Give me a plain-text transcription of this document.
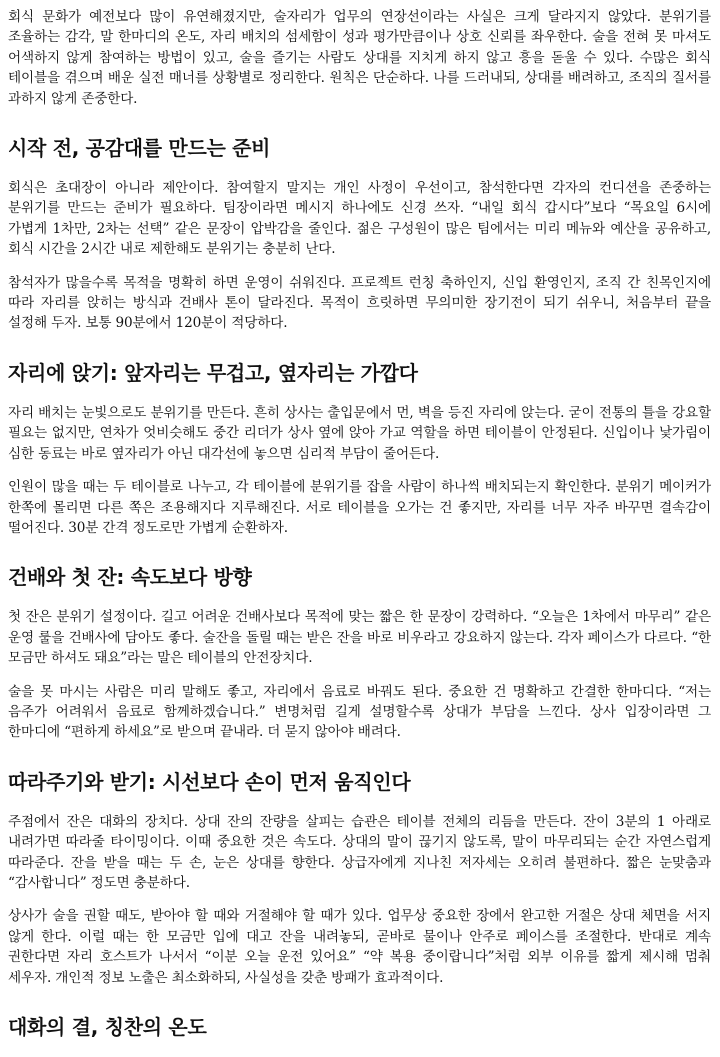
회식 문화가 예전보다 많이 유연해졌지만, 술자리가 업무의 연장선이라는 사실은 크게 달라지지 않았다. 분위기를 조율하는 감각, 말 한마디의 온도, 자리 배치의 섬세함이 성과 평가만큼이나 상호 신뢰를 좌우한다. 술을 전혀 못 마셔도 어색하지 않게 참여하는 방법이 있고, 술을 즐기는 사람도 상대를 지치게 하지 않고 흥을 돋울 수 있다. 수많은 회식 테이블을 겪으며 배운 실전 매너를 상황별로 정리한다. 원칙은 단순하다. 나를 드러내되, 상대를 배려하고, 조직의 질서를 과하지 않게 존중한다.

시작 전, 공감대를 만드는 준비

회식은 초대장이 아니라 제안이다. 참여할지 말지는 개인 사정이 우선이고, 참석한다면 각자의 컨디션을 존중하는 분위기를 만드는 준비가 필요하다. 팀장이라면 메시지 하나에도 신경 쓰자. “내일 회식 갑시다”보다 “목요일 6시에 가볍게 1차만, 2차는 선택” 같은 문장이 압박감을 줄인다. 젊은 구성원이 많은 팀에서는 미리 메뉴와 예산을 공유하고, 회식 시간을 2시간 내로 제한해도 분위기는 충분히 난다.

참석자가 많을수록 목적을 명확히 하면 운영이 쉬워진다. 프로젝트 런칭 축하인지, 신입 환영인지, 조직 간 친목인지에 따라 자리를 앉히는 방식과 건배사 톤이 달라진다. 목적이 흐릿하면 무의미한 장기전이 되기 쉬우니, 처음부터 끝을 설정해 두자. 보통 90분에서 120분이 적당하다.

자리에 앉기: 앞자리는 무겁고, 옆자리는 가깝다

자리 배치는 눈빛으로도 분위기를 만든다. 흔히 상사는 출입문에서 먼, 벽을 등진 자리에 앉는다. 굳이 전통의 틀을 강요할 필요는 없지만, 연차가 엇비슷해도 중간 리더가 상사 옆에 앉아 가교 역할을 하면 테이블이 안정된다. 신입이나 낯가림이 심한 동료는 바로 옆자리가 아닌 대각선에 놓으면 심리적 부담이 줄어든다.

인원이 많을 때는 두 테이블로 나누고, 각 테이블에 분위기를 잡을 사람이 하나씩 배치되는지 확인한다. 분위기 메이커가 한쪽에 몰리면 다른 쪽은 조용해지다 지루해진다. 서로 테이블을 오가는 건 좋지만, 자리를 너무 자주 바꾸면 결속감이 떨어진다. 30분 간격 정도로만 가볍게 순환하자.

건배와 첫 잔: 속도보다 방향

첫 잔은 분위기 설정이다. 길고 어려운 건배사보다 목적에 맞는 짧은 한 문장이 강력하다. “오늘은 1차에서 마무리” 같은 운영 룰을 건배사에 담아도 좋다. 술잔을 돌릴 때는 받은 잔을 바로 비우라고 강요하지 않는다. 각자 페이스가 다르다. “한 모금만 하셔도 돼요”라는 말은 테이블의 안전장치다.

술을 못 마시는 사람은 미리 말해도 좋고, 자리에서 음료로 바꿔도 된다. 중요한 건 명확하고 간결한 한마디다. “저는 음주가 어려워서 음료로 함께하겠습니다.” 변명처럼 길게 설명할수록 상대가 부담을 느낀다. 상사 입장이라면 그 한마디에 “편하게 하세요”로 받으며 끝내라. 더 묻지 않아야 배려다.

따라주기와 받기: 시선보다 손이 먼저 움직인다

주점에서 잔은 대화의 장치다. 상대 잔의 잔량을 살피는 습관은 테이블 전체의 리듬을 만든다. 잔이 3분의 1 아래로 내려가면 따라줄 타이밍이다. 이때 중요한 것은 속도다. 상대의 말이 끊기지 않도록, 말이 마무리되는 순간 자연스럽게 따라준다. 잔을 받을 때는 두 손, 눈은 상대를 향한다. 상급자에게 지나친 저자세는 오히려 불편하다. 짧은 눈맞춤과 “감사합니다” 정도면 충분하다.

상사가 술을 권할 때도, 받아야 할 때와 거절해야 할 때가 있다. 업무상 중요한 장에서 완고한 거절은 상대 체면을 서지 않게 한다. 이럴 때는 한 모금만 입에 대고 잔을 내려놓되, 곧바로 물이나 안주로 페이스를 조절한다. 반대로 계속 권한다면 자리 호스트가 나서서 “이분 오늘 운전 있어요” “약 복용 중이랍니다”처럼 외부 이유를 짧게 제시해 멈춰 세우자. 개인적 정보 노출은 최소화하되, 사실성을 갖춘 방패가 효과적이다.

대화의 결, 칭찬의 온도
